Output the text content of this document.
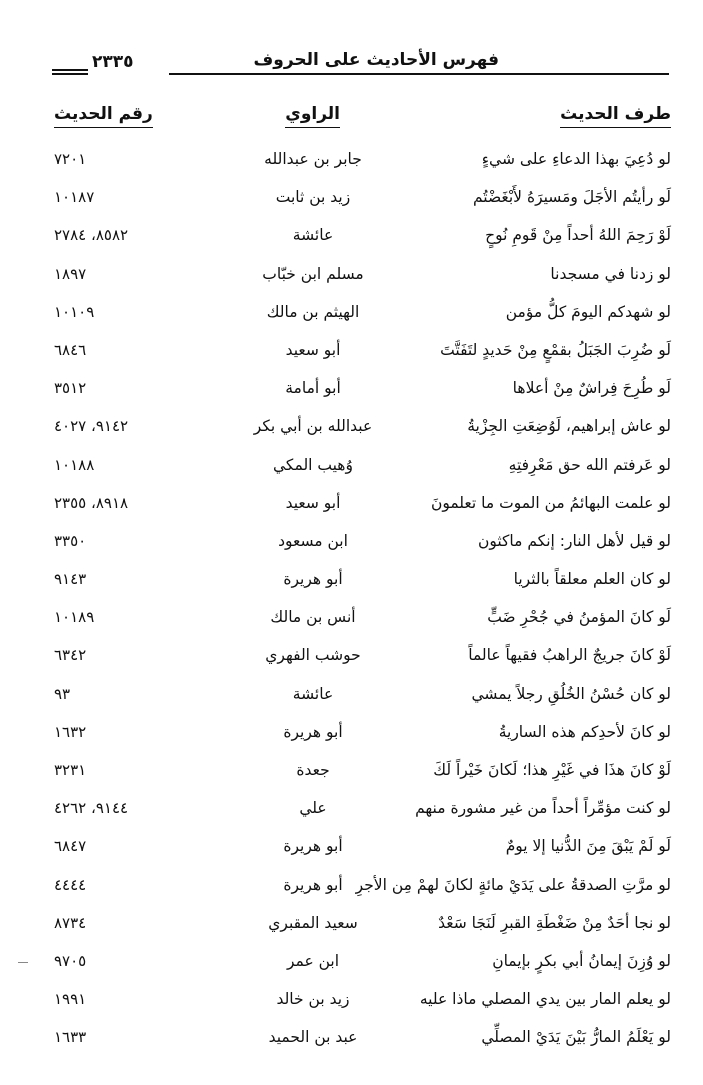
فهرس الأحاديث على الحروف
٢٣٣٥
طرف الحديث
الراوي
رقم الحديث
لو دُعِيَ بهذا الدعاءِ على شيءٍ
جابر بن عبدالله
٧٢٠١
لَو رأيتُم الأجَلَ ومَسيرَهُ لأَبْغَضْتُم
زيد بن ثابت
١٠١٨٧
لَوْ رَحِمَ اللهُ أحداً مِنْ قَومِ نُوحٍ
عائشة
٨٥٨٢، ٢٧٨٤
لو زدنا في مسجدنا
مسلم ابن خبّاب
١٨٩٧
لو شهدكم اليومَ كلُّ مؤمن
الهيثم بن مالك
١٠١٠٩
لَو ضُرِبَ الجَبَلُ بقمْعٍ مِنْ حَديدٍ لتَفَتَّتَ
أبو سعيد
٦٨٤٦
لَو طُرِحَ فِراشٌ مِنْ أعلاها
أبو أمامة
٣٥١٢
لو عاش إبراهيم، لَوُضِعَتِ الجِزْيةُ
عبدالله بن أبي بكر
٩١٤٢، ٤٠٢٧
لو عَرفتم الله حق مَعْرِفتِهِ
وُهيب المكي
١٠١٨٨
لو علمت البهائمُ من الموت ما تعلمونَ
أبو سعيد
٨٩١٨، ٢٣٥٥
لو قيل لأهل النار: إنكم ماكثون
ابن مسعود
٣٣٥٠
لو كان العلم معلقاً بالثريا
أبو هريرة
٩١٤٣
لَو كانَ المؤمنُ في جُحْرِ ضَبٍّ
أنس بن مالك
١٠١٨٩
لَوْ كانَ جريجٌ الراهبُ فقيهاً عالماً
حوشب الفهري
٦٣٤٢
لو كان حُسْنُ الخُلُقِ رجلاً يمشي
عائشة
٩٣
لو كانَ لأحدِكم هذه الساريةُ
أبو هريرة
١٦٣٢
لَوْ كانَ هذَا في غَيْرِ هذا؛ لَكانَ خَيْراً لَكَ
جعدة
٣٢٣١
لو كنت مؤمِّراً أحداً من غير مشورة منهم
علي
٩١٤٤، ٤٢٦٢
لَو لَمْ يَبْقَ مِنَ الدُّنيا إلا يومٌ
أبو هريرة
٦٨٤٧
لو مرَّتِ الصدقةُ على يَدَيْ مائةٍ لكانَ لهمْ مِن الأجرِ
أبو هريرة
٤٤٤٤
لو نجا أحَدٌ مِنْ ضَغْطَةِ القبرِ لَنَجَا سَعْدٌ
سعيد المقبري
٨٧٣٤
لو وُزِنَ إيمانُ أبي بكرٍ بإيمانِ
ابن عمر
٩٧٠٥
لو يعلم المار بين يدي المصلي ماذا عليه
زيد بن خالد
١٩٩١
لو يَعْلَمُ المارُّ بَيْنَ يَدَيْ المصلِّي
عبد بن الحميد
١٦٣٣
